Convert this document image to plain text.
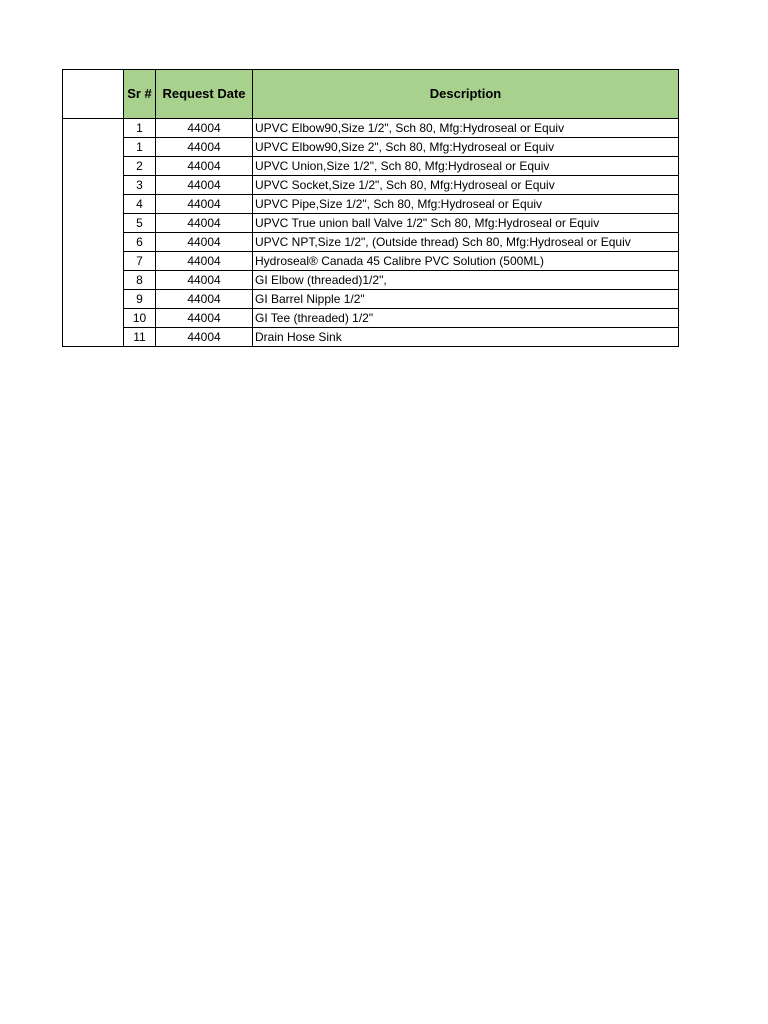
	Sr #	Request Date	Description
	1	44004	UPVC Elbow90,Size 1/2", Sch 80, Mfg:Hydroseal or Equiv
	1	44004	UPVC Elbow90,Size 2", Sch 80, Mfg:Hydroseal or Equiv
	2	44004	UPVC Union,Size 1/2", Sch 80, Mfg:Hydroseal or Equiv
	3	44004	UPVC Socket,Size 1/2", Sch 80, Mfg:Hydroseal or Equiv
	4	44004	UPVC Pipe,Size 1/2", Sch 80, Mfg:Hydroseal or Equiv
	5	44004	UPVC True union ball Valve 1/2" Sch 80, Mfg:Hydroseal or Equiv
	6	44004	UPVC NPT,Size 1/2", (Outside thread) Sch 80, Mfg:Hydroseal or Equiv
	7	44004	Hydroseal® Canada 45 Calibre PVC Solution (500ML)
	8	44004	GI Elbow (threaded)1/2",
	9	44004	GI Barrel Nipple 1/2"
	10	44004	GI Tee (threaded) 1/2"
	11	44004	Drain Hose Sink
